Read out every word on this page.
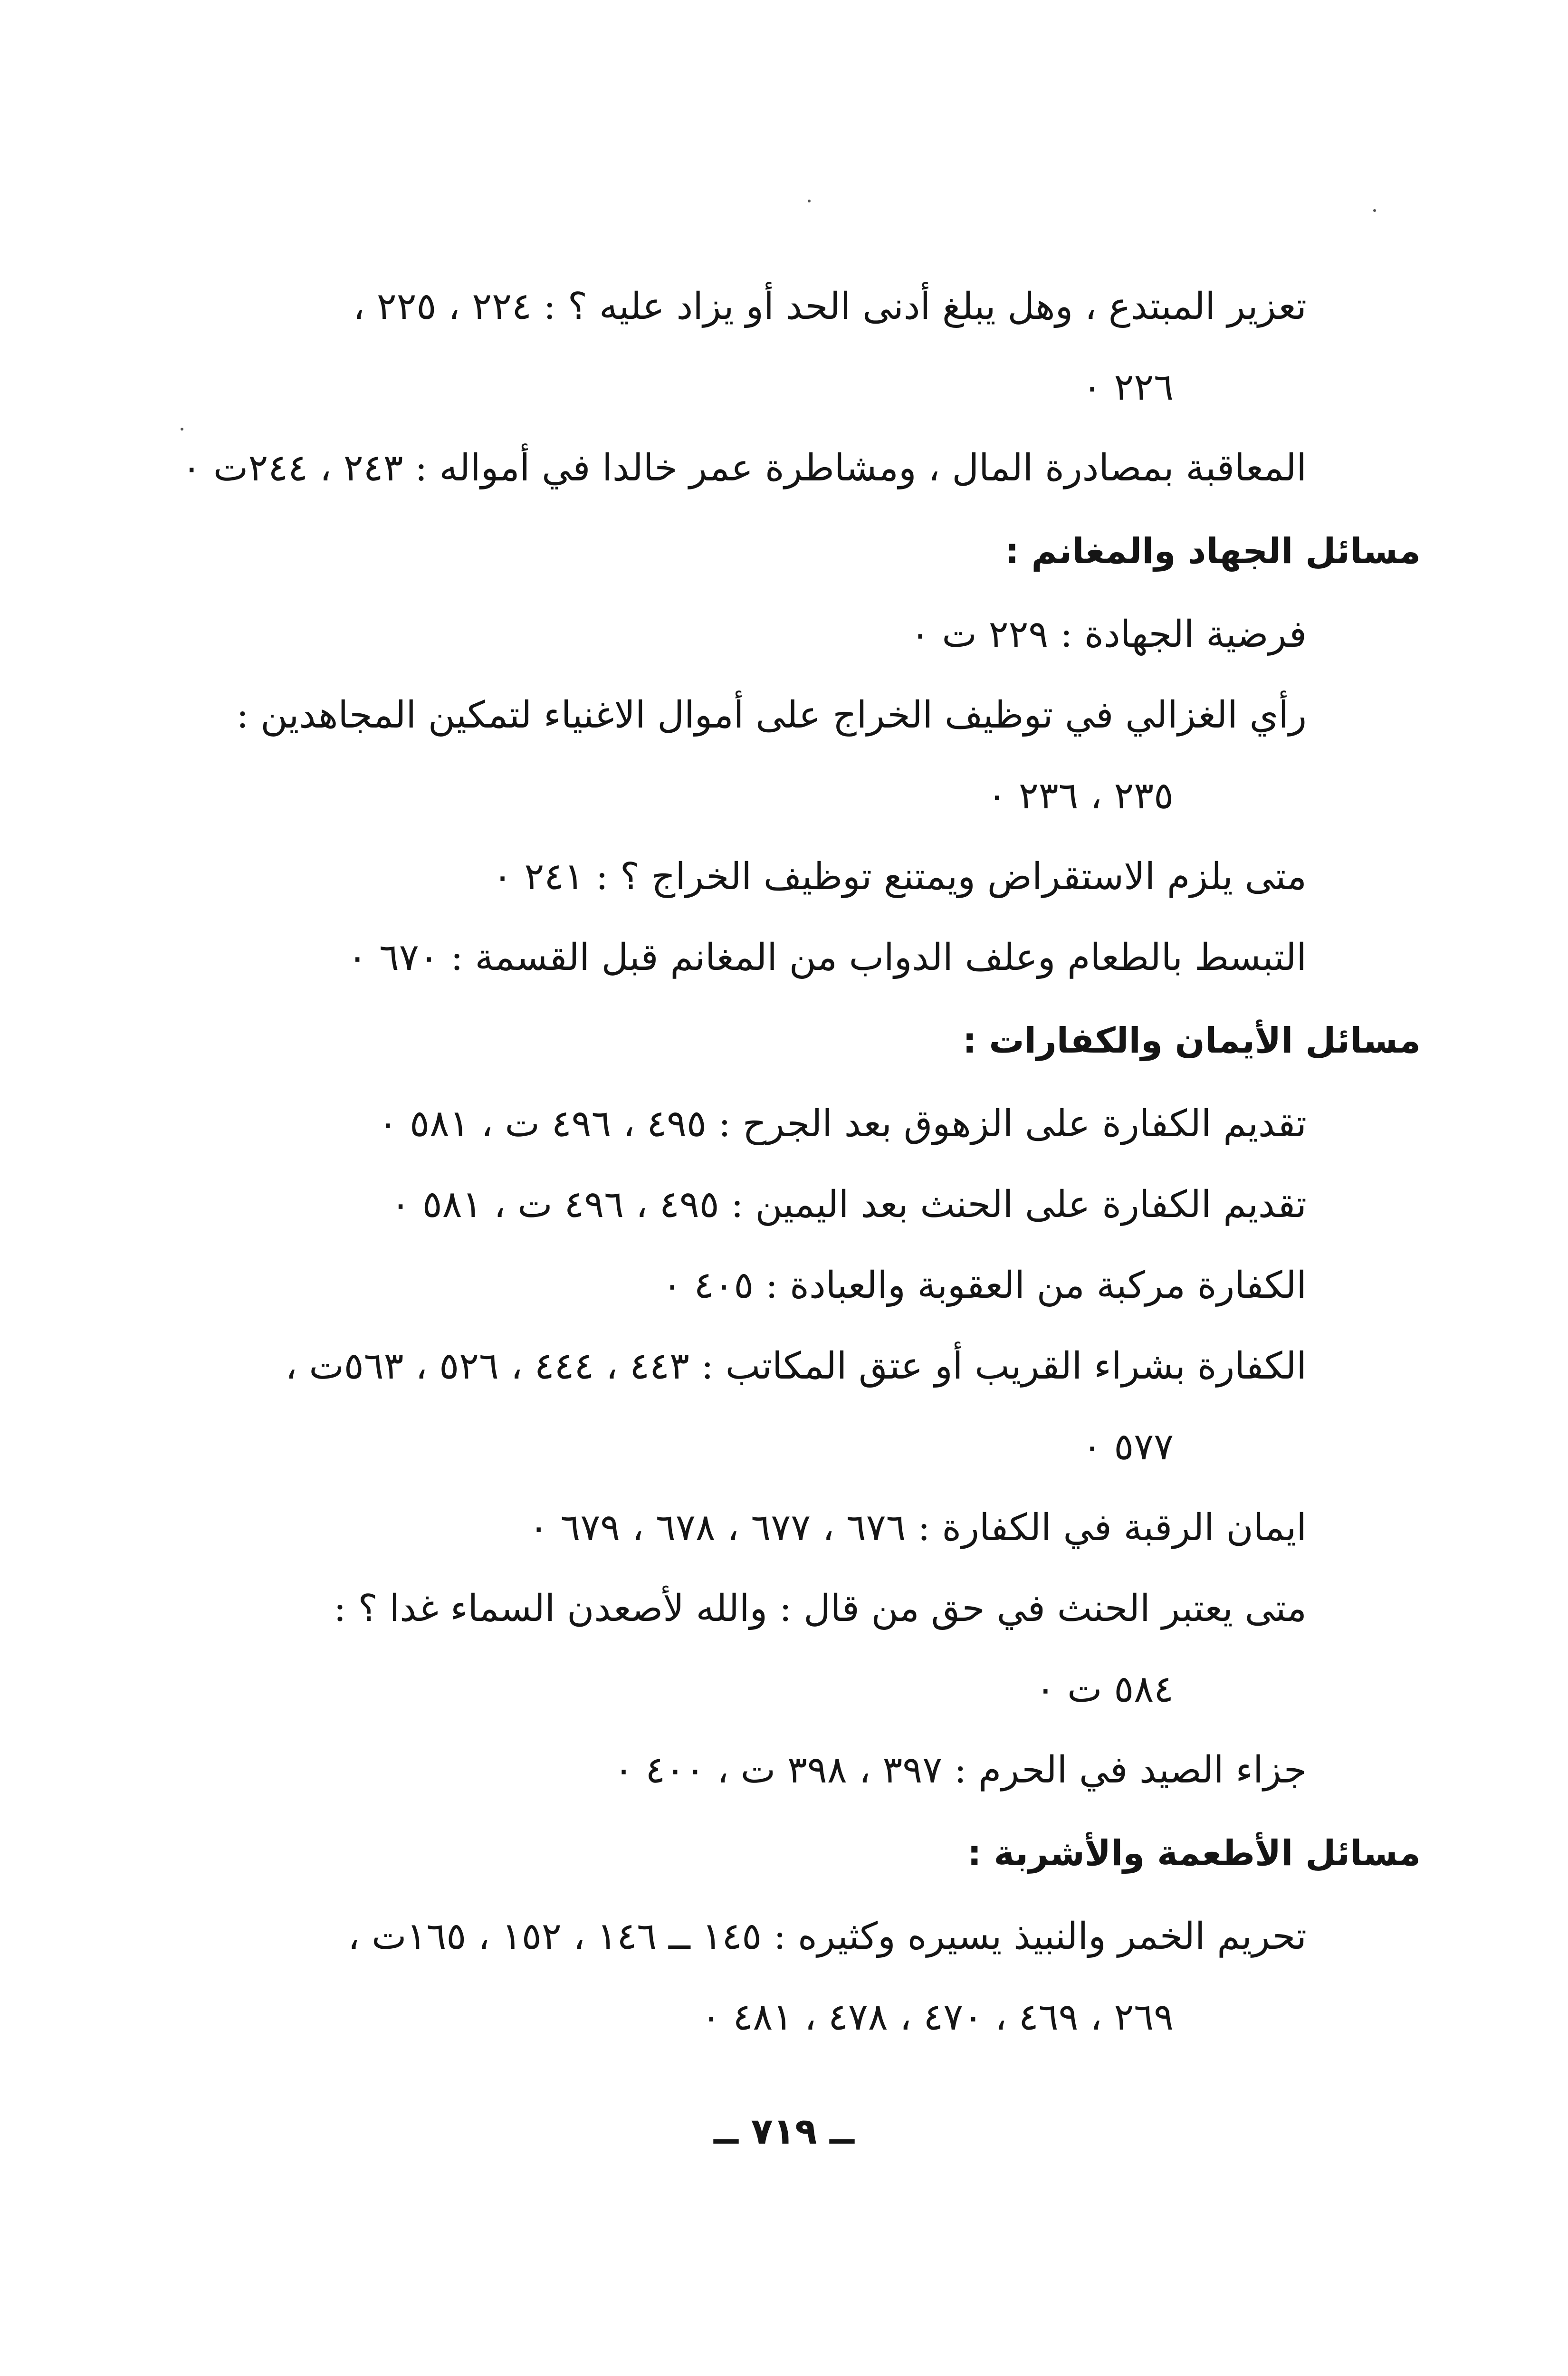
تعزير المبتدع ، وهل يبلغ أدنى الحد أو يزاد عليه ؟ : ٢٢٤ ، ٢٢٥ ،
٢٢٦ ٠

المعاقبة بمصادرة المال ، ومشاطرة عمر خالدا في أمواله : ٢٤٣ ، ٢٤٤ت ٠

مسائل الجهاد والمغانم :

فرضية الجهادة : ٢٢٩ ت ٠

رأي الغزالي في توظيف الخراج على أموال الاغنياء لتمكين المجاهدين :
٢٣٥ ، ٢٣٦ ٠

متى يلزم الاستقراض ويمتنع توظيف الخراج ؟ : ٢٤١ ٠

التبسط بالطعام وعلف الدواب من المغانم قبل القسمة : ٦٧٠ ٠

مسائل الأيمان والكفارات :

تقديم الكفارة على الزهوق بعد الجرح : ٤٩٥ ، ٤٩٦ ت ، ٥٨١ ٠

تقديم الكفارة على الحنث بعد اليمين : ٤٩٥ ، ٤٩٦ ت ، ٥٨١ ٠

الكفارة مركبة من العقوبة والعبادة : ٤٠٥ ٠

الكفارة بشراء القريب أو عتق المكاتب : ٤٤٣ ، ٤٤٤ ، ٥٢٦ ، ٥٦٣ت ،
٥٧٧ ٠

ايمان الرقبة في الكفارة : ٦٧٦ ، ٦٧٧ ، ٦٧٨ ، ٦٧٩ ٠

متى يعتبر الحنث في حق من قال : والله لأصعدن السماء غدا ؟ :
٥٨٤ ت ٠

جزاء الصيد في الحرم : ٣٩٧ ، ٣٩٨ ت ، ٤٠٠ ٠

مسائل الأطعمة والأشربة :

تحريم الخمر والنبيذ يسيره وكثيره : ١٤٥ ــ ١٤٦ ، ١٥٢ ، ١٦٥ت ،
٢٦٩ ، ٤٦٩ ، ٤٧٠ ، ٤٧٨ ، ٤٨١ ٠

ــ ٧١٩ ــ
